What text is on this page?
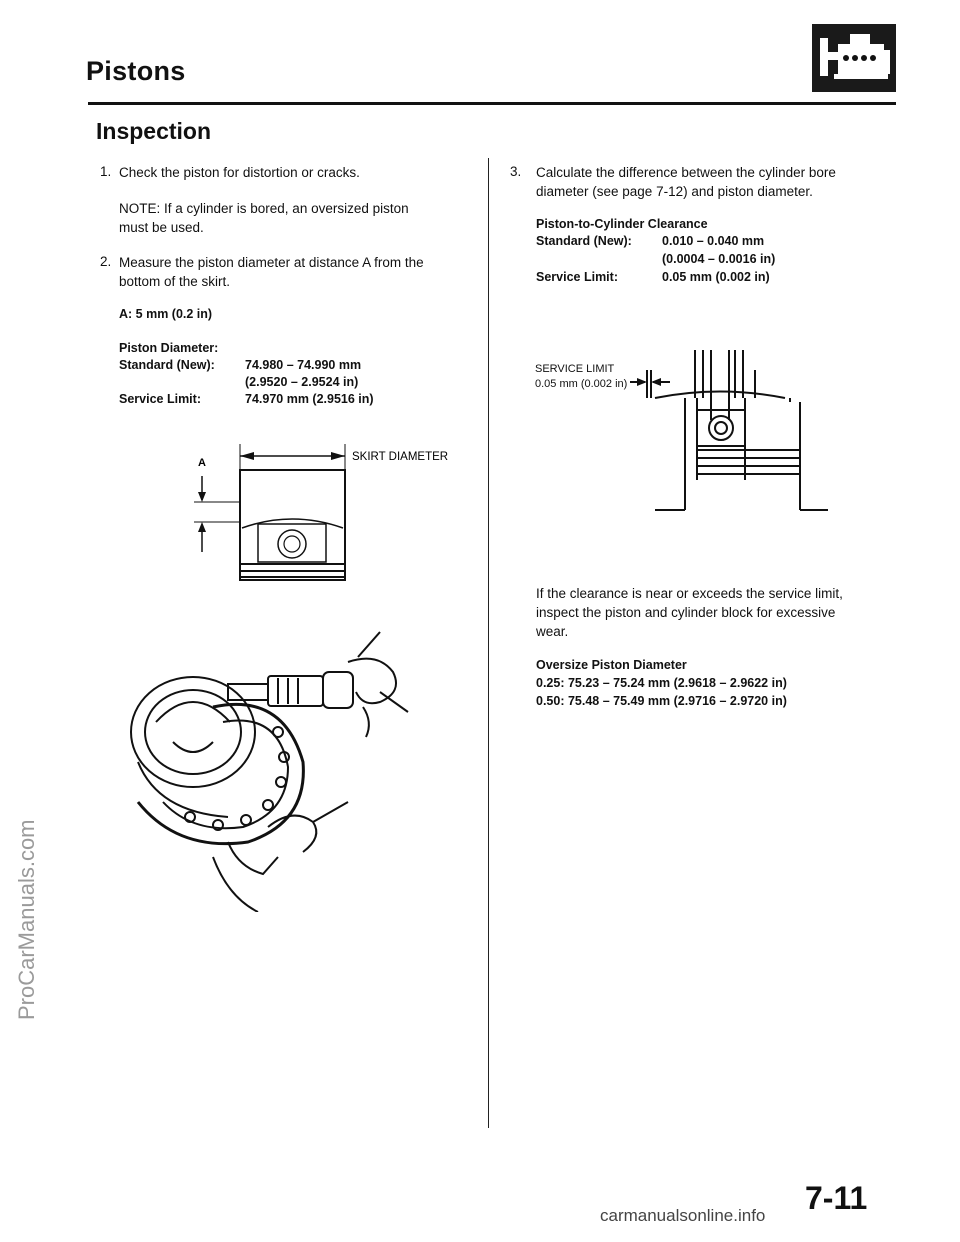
Pistons
Inspection
1. Check the piston for distortion or cracks.
NOTE: If a cylinder is bored, an oversized piston
must be used.
2. Measure the piston diameter at distance A from the
bottom of the skirt.
A: 5 mm (0.2 in)
Piston Diameter:
Standard (New): 74.980 – 74.990 mm
(2.9520 – 2.9524 in)
Service Limit:	74.970 mm (2.9516 in)
A	SKIRT DIAMETER
3. Calculate the difference between the cylinder bore
diameter (see page 7-12) and piston diameter.
Piston-to-Cylinder Clearance
Standard (New): 0.010 – 0.040 mm
(0.0004 – 0.0016 in)
Service Limit:	0.05 mm (0.002 in)
SERVICE LIMIT
0.05 mm (0.002 in)
If the clearance is near or exceeds the service limit,
inspect the piston and cylinder block for excessive
wear.
Oversize Piston Diameter
0.25: 75.23 – 75.24 mm (2.9618 – 2.9622 in)
0.50: 75.48 – 75.49 mm (2.9716 – 2.9720 in)
7-11
ProCarManuals.com
carmanualsonline.info
